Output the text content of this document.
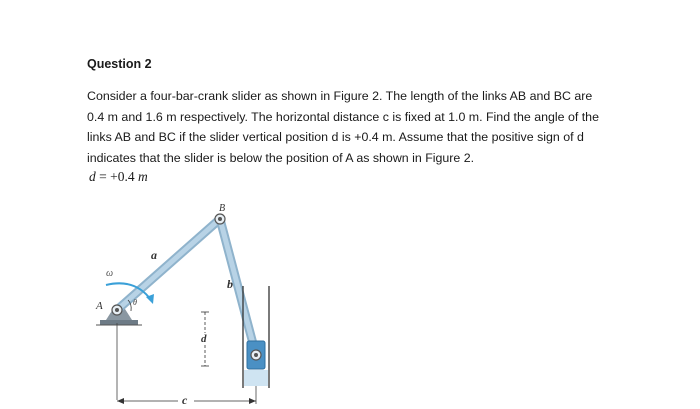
Question 2
Consider a four-bar-crank slider as shown in Figure 2. The length of the links AB and BC are
0.4 m and 1.6 m respectively. The horizontal distance c is fixed at 1.0 m. Find the angle of the
links AB and BC if the slider vertical position d is +0.4 m. Assume that the positive sign of d
indicates that the slider is below the position of A as shown in Figure 2.
d = +0.4 m
A
B
a
b
c
d
ω
θ
